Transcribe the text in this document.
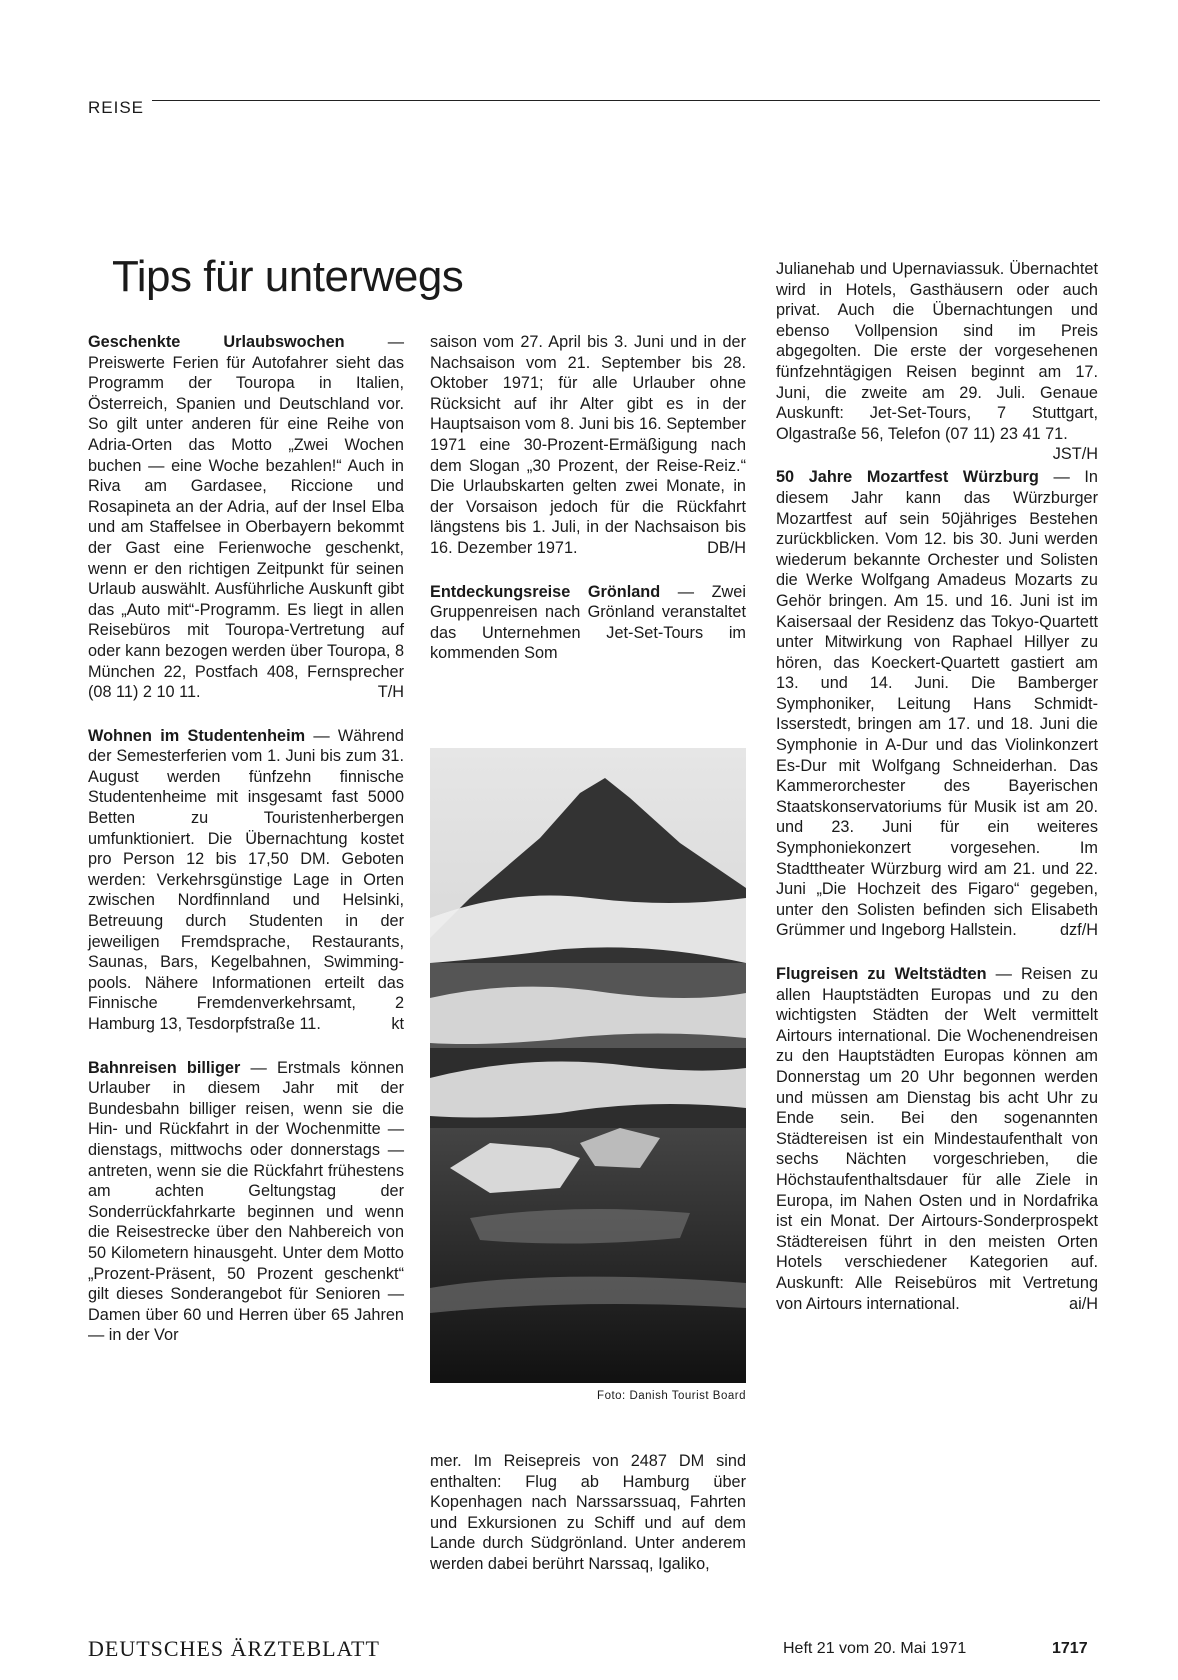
REISE
Tips für unterwegs

Geschenkte Urlaubswochen — Preiswerte Ferien für Autofahrer sieht das Programm der Touropa in Italien, Österreich, Spanien und Deutschland vor. So gilt unter anderen für eine Reihe von Adria-Orten das Motto „Zwei Wochen buchen — eine Woche bezahlen!“ Auch in Riva am Gardasee, Riccione und Rosapineta an der Adria, auf der Insel Elba und am Staffelsee in Oberbayern bekommt der Gast eine Ferienwoche geschenkt, wenn er den richtigen Zeitpunkt für seinen Urlaub auswählt. Ausführliche Auskunft gibt das „Auto mit“-Programm. Es liegt in allen Reisebüros mit Touropa-Vertretung auf oder kann bezogen werden über Touropa, 8 München 22, Postfach 408, Fernsprecher (08 11) 2 10 11.	T/H

Wohnen im Studentenheim — Während der Semesterferien vom 1. Juni bis zum 31. August werden fünfzehn finnische Studentenheime mit insgesamt fast 5000 Betten zu Touristenherbergen umfunktioniert. Die Übernachtung kostet pro Person 12 bis 17,50 DM. Geboten werden: Verkehrsgünstige Lage in Orten zwischen Nordfinnland und Helsinki, Betreuung durch Studenten in der jeweiligen Fremdsprache, Restaurants, Saunas, Bars, Kegelbahnen, Swimming-pools. Nähere Informationen erteilt das Finnische Fremdenverkehrsamt, 2 Hamburg 13, Tesdorpfstraße 11.	kt

Bahnreisen billiger — Erstmals können Urlauber in diesem Jahr mit der Bundesbahn billiger reisen, wenn sie die Hin- und Rückfahrt in der Wochenmitte — dienstags, mittwochs oder donnerstags — antreten, wenn sie die Rückfahrt frühestens am achten Geltungstag der Sonderrückfahrkarte beginnen und wenn die Reisestrecke über den Nahbereich von 50 Kilometern hinausgeht. Unter dem Motto „Prozent-Präsent, 50 Prozent geschenkt“ gilt dieses Sonderangebot für Senioren — Damen über 60 und Herren über 65 Jahren — in der Vor

saison vom 27. April bis 3. Juni und in der Nachsaison vom 21. September bis 28. Oktober 1971; für alle Urlauber ohne Rücksicht auf ihr Alter gibt es in der Hauptsaison vom 8. Juni bis 16. September 1971 eine 30-Prozent-Ermäßigung nach dem Slogan „30 Prozent, der Reise-Reiz.“ Die Urlaubskarten gelten zwei Monate, in der Vorsaison jedoch für die Rückfahrt längstens bis 1. Juli, in der Nachsaison bis 16. Dezember 1971.	DB/H

Entdeckungsreise Grönland — Zwei Gruppenreisen nach Grönland veranstaltet das Unternehmen Jet-Set-Tours im kommenden Som

Foto: Danish Tourist Board

mer. Im Reisepreis von 2487 DM sind enthalten: Flug ab Hamburg über Kopenhagen nach Narssarssuaq, Fahrten und Exkursionen zu Schiff und auf dem Lande durch Südgrönland. Unter anderem werden dabei berührt Narssaq, Igaliko,

Julianehab und Upernaviassuk. Übernachtet wird in Hotels, Gasthäusern oder auch privat. Auch die Übernachtungen und ebenso Vollpension sind im Preis abgegolten. Die erste der vorgesehenen fünfzehntägigen Reisen beginnt am 17. Juni, die zweite am 29. Juli. Genaue Auskunft: Jet-Set-Tours, 7 Stuttgart, Olgastraße 56, Telefon (07 11) 23 41 71.
JST/H

50 Jahre Mozartfest Würzburg — In diesem Jahr kann das Würzburger Mozartfest auf sein 50jähriges Bestehen zurückblicken. Vom 12. bis 30. Juni werden wiederum bekannte Orchester und Solisten die Werke Wolfgang Amadeus Mozarts zu Gehör bringen. Am 15. und 16. Juni ist im Kaisersaal der Residenz das Tokyo-Quartett unter Mitwirkung von Raphael Hillyer zu hören, das Koeckert-Quartett gastiert am 13. und 14. Juni. Die Bamberger Symphoniker, Leitung Hans Schmidt-Isserstedt, bringen am 17. und 18. Juni die Symphonie in A-Dur und das Violinkonzert Es-Dur mit Wolfgang Schneiderhan. Das Kammerorchester des Bayerischen Staatskonservatoriums für Musik ist am 20. und 23. Juni für ein weiteres Symphoniekonzert vorgesehen. Im Stadttheater Würzburg wird am 21. und 22. Juni „Die Hochzeit des Figaro“ gegeben, unter den Solisten befinden sich Elisabeth Grümmer und Ingeborg Hallstein.	dzf/H

Flugreisen zu Weltstädten — Reisen zu allen Hauptstädten Europas und zu den wichtigsten Städten der Welt vermittelt Airtours international. Die Wochenendreisen zu den Hauptstädten Europas können am Donnerstag um 20 Uhr begonnen werden und müssen am Dienstag bis acht Uhr zu Ende sein. Bei den sogenannten Städtereisen ist ein Mindestaufenthalt von sechs Nächten vorgeschrieben, die Höchstaufenthaltsdauer für alle Ziele in Europa, im Nahen Osten und in Nordafrika ist ein Monat. Der Airtours-Sonderprospekt Städtereisen führt in den meisten Orten Hotels verschiedener Kategorien auf. Auskunft: Alle Reisebüros mit Vertretung von Airtours international.	ai/H

DEUTSCHES ÄRZTEBLATT	Heft 21 vom 20. Mai 1971	1717
